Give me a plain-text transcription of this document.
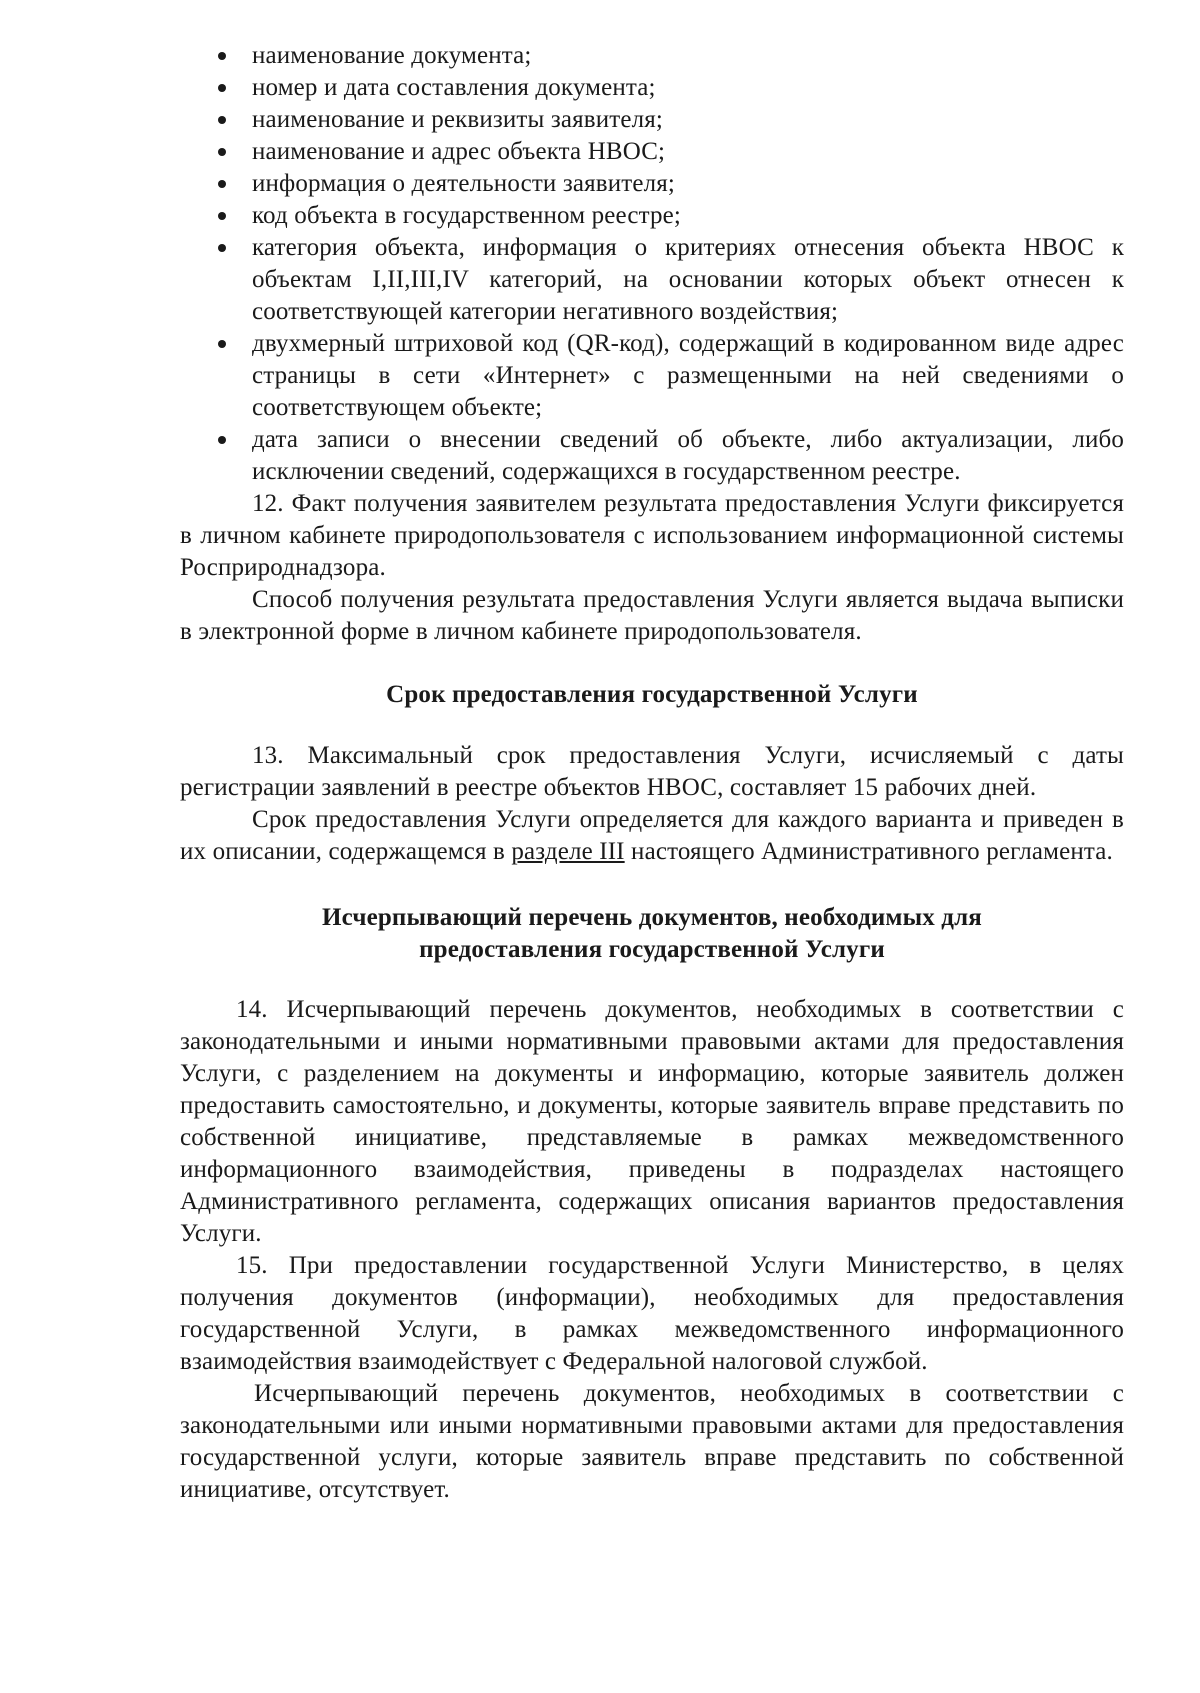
наименование документа;
номер и дата составления документа;
наименование и реквизиты заявителя;
наименование и адрес объекта НВОС;
информация о деятельности заявителя;
код объекта в государственном реестре;
категория объекта, информация о критериях отнесения объекта НВОС к объектам I,II,III,IV категорий, на основании которых объект отнесен к соответствующей категории негативного воздействия;
двухмерный штриховой код (QR-код), содержащий в кодированном виде адрес страницы в сети «Интернет» с размещенными на ней сведениями о соответствующем объекте;
дата записи о внесении сведений об объекте, либо актуализации, либо исключении сведений, содержащихся в государственном реестре.

12. Факт получения заявителем результата предоставления Услуги фиксируется в личном кабинете природопользователя с использованием информационной системы Росприроднадзора.

Способ получения результата предоставления Услуги является выдача выписки в электронной форме в личном кабинете природопользователя.

Срок предоставления государственной Услуги

13. Максимальный срок предоставления Услуги, исчисляемый с даты регистрации заявлений в реестре объектов НВОС, составляет 15 рабочих дней.

Срок предоставления Услуги определяется для каждого варианта и приведен в их описании, содержащемся в разделе III настоящего Административного регламента.

Исчерпывающий перечень документов, необходимых для
предоставления государственной Услуги

14. Исчерпывающий перечень документов, необходимых в соответствии с законодательными и иными нормативными правовыми актами для предоставления Услуги, с разделением на документы и информацию, которые заявитель должен предоставить самостоятельно, и документы, которые заявитель вправе представить по собственной инициативе, представляемые в рамках межведомственного информационного взаимодействия, приведены в подразделах настоящего Административного регламента, содержащих описания вариантов предоставления Услуги.

15. При предоставлении государственной Услуги Министерство, в целях получения документов (информации), необходимых для предоставления государственной Услуги, в рамках межведомственного информационного взаимодействия взаимодействует с Федеральной налоговой службой.

Исчерпывающий перечень документов, необходимых в соответствии с законодательными или иными нормативными правовыми актами для предоставления государственной услуги, которые заявитель вправе представить по собственной инициативе, отсутствует.
